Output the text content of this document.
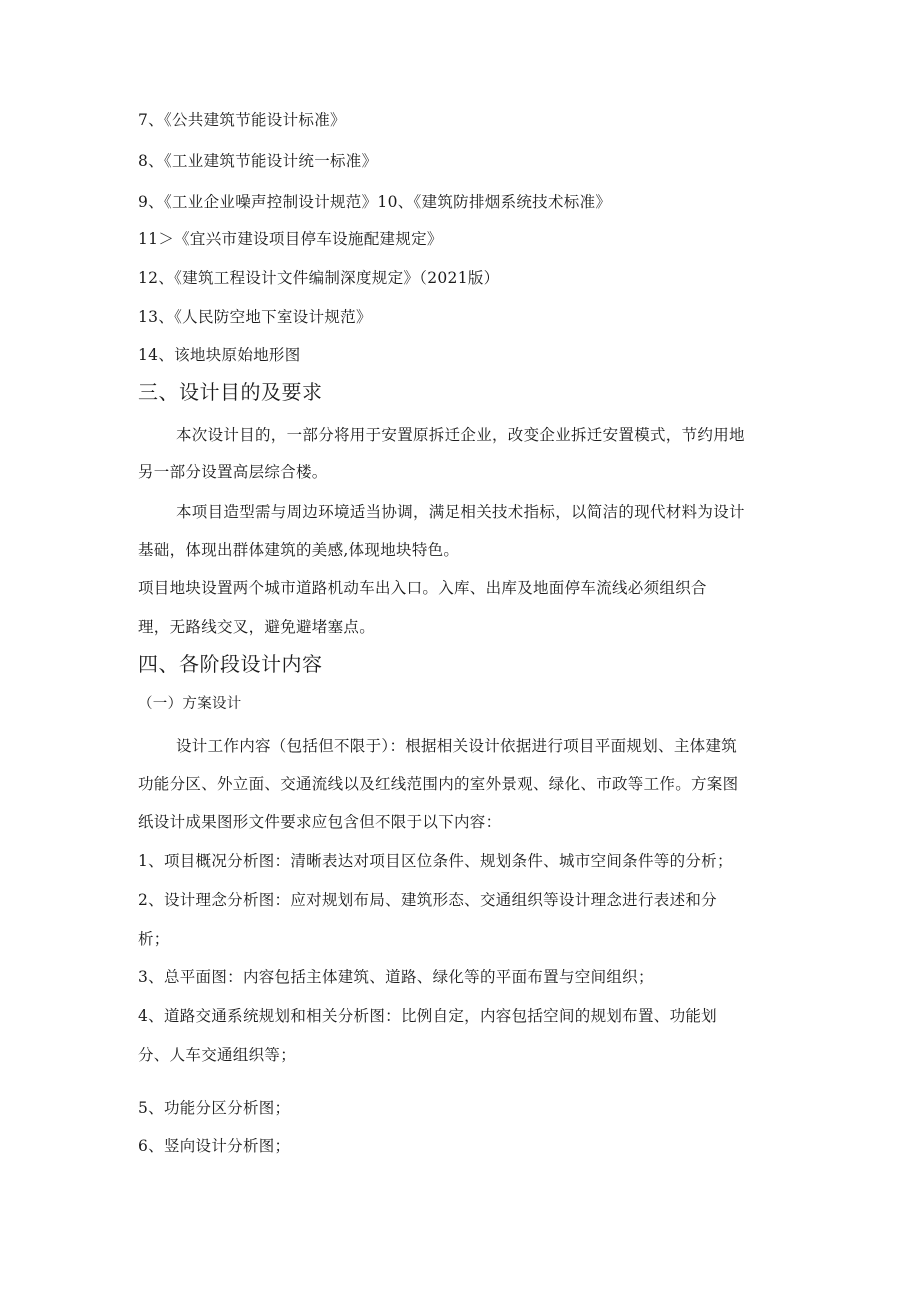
7、《公共建筑节能设计标准》
8、《工业建筑节能设计统一标准》
9、《工业企业噪声控制设计规范》10、《建筑防排烟系统技术标准》
11＞《宜兴市建设项目停车设施配建规定》
12、《建筑工程设计文件编制深度规定》（2021版）
13、《人民防空地下室设计规范》
14、该地块原始地形图
三、设计目的及要求
本次设计目的，一部分将用于安置原拆迁企业，改变企业拆迁安置模式，节约用地
另一部分设置高层综合楼。
本项目造型需与周边环境适当协调，满足相关技术指标，以简洁的现代材料为设计
基础，体现出群体建筑的美感,体现地块特色。
项目地块设置两个城市道路机动车出入口。入库、出库及地面停车流线必须组织合
理，无路线交叉，避免避堵塞点。
四、各阶段设计内容
（一）方案设计
设计工作内容（包括但不限于）：根据相关设计依据进行项目平面规划、主体建筑
功能分区、外立面、交通流线以及红线范围内的室外景观、绿化、市政等工作。方案图
纸设计成果图形文件要求应包含但不限于以下内容：
1、项目概况分析图：清晰表达对项目区位条件、规划条件、城市空间条件等的分析；
2、设计理念分析图：应对规划布局、建筑形态、交通组织等设计理念进行表述和分
析；
3、总平面图：内容包括主体建筑、道路、绿化等的平面布置与空间组织；
4、道路交通系统规划和相关分析图：比例自定，内容包括空间的规划布置、功能划
分、人车交通组织等；
5、功能分区分析图；
6、竖向设计分析图；
